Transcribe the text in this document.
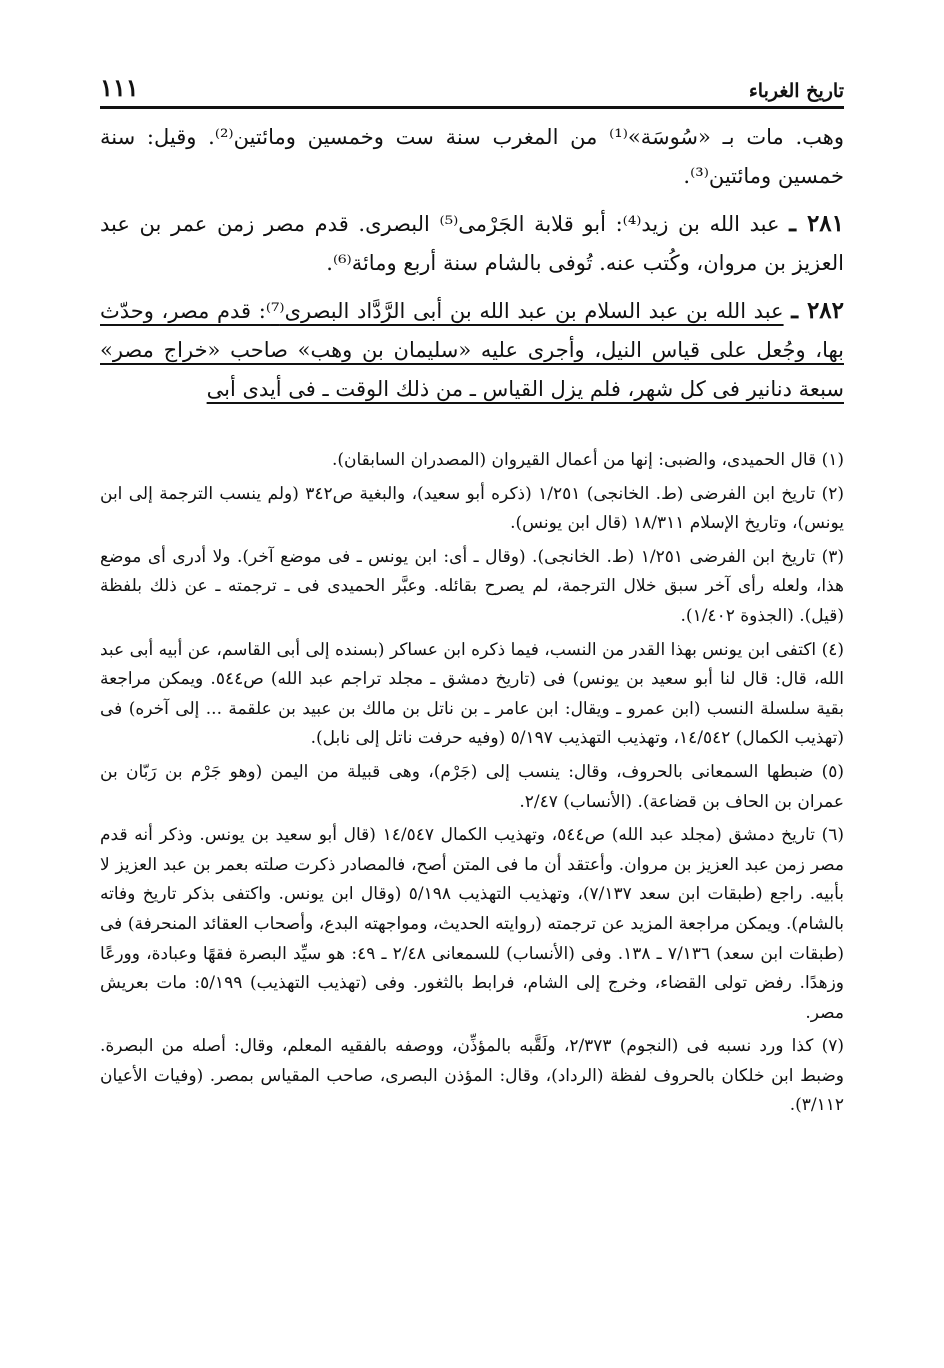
تاريخ الغرباء
١١١

وهب. مات بـ «سُوسَة»⁽¹⁾ من المغرب سنة ست وخمسين ومائتين⁽²⁾. وقيل: سنة خمسين ومائتين⁽³⁾.

٢٨١ ـ عبد الله بن زيد⁽⁴⁾: أبو قلابة الجَرْمى⁽⁵⁾ البصرى. قدم مصر زمن عمر بن عبد العزيز بن مروان، وكُتب عنه. تُوفى بالشام سنة أربع ومائة⁽⁶⁾.

٢٨٢ ـ عبد الله بن عبد السلام بن عبد الله بن أبى الرَّدَّاد البصرى⁽⁷⁾: قدم مصر، وحدّث بها، وجُعل على قياس النيل، وأجرى عليه «سليمان بن وهب» صاحب «خراج مصر» سبعة دنانير فى كل شهر، فلم يزل القياس ـ من ذلك الوقت ـ فى أيدى أبى

(١) قال الحميدى، والضبى: إنها من أعمال القيروان (المصدران السابقان).

(٢) تاريخ ابن الفرضى (ط. الخانجى) ١/٢٥١ (ذكره أبو سعيد)، والبغية ص٣٤٢ (ولم ينسب الترجمة إلى ابن يونس)، وتاريخ الإسلام ١٨/٣١١ (قال ابن يونس).

(٣) تاريخ ابن الفرضى ١/٢٥١ (ط. الخانجى). (وقال ـ أى: ابن يونس ـ فى موضع آخر). ولا أدرى أى موضع هذا، ولعله رأى آخر سبق خلال الترجمة، لم يصرح بقائله. وعبَّر الحميدى فى ـ ترجمته ـ عن ذلك بلفظة (قيل). (الجذوة ١/٤٠٢).

(٤) اكتفى ابن يونس بهذا القدر من النسب، فيما ذكره ابن عساكر (بسنده إلى أبى القاسم، عن أبيه أبى عبد الله، قال: قال لنا أبو سعيد بن يونس) فى (تاريخ دمشق ـ مجلد تراجم عبد الله) ص٥٤٤. ويمكن مراجعة بقية سلسلة النسب (ابن عمرو ـ ويقال: ابن عامر ـ بن ناتل بن مالك بن عبيد بن علقمة ... إلى آخره) فى (تهذيب الكمال) ١٤/٥٤٢، وتهذيب التهذيب ٥/١٩٧ (وفيه حرفت ناتل إلى نابل).

(٥) ضبطها السمعانى بالحروف، وقال: ينسب إلى (جَرْم)، وهى قبيلة من اليمن (وهو جَرْم بن رَبّان بن عمران بن الحاف بن قضاعة). (الأنساب) ٢/٤٧.

(٦) تاريخ دمشق (مجلد عبد الله) ص٥٤٤، وتهذيب الكمال ١٤/٥٤٧ (قال أبو سعيد بن يونس. وذكر أنه قدم مصر زمن عبد العزيز بن مروان. وأعتقد أن ما فى المتن أصح، فالمصادر ذكرت صلته بعمر بن عبد العزيز لا بأبيه. راجع (طبقات ابن سعد ٧/١٣٧)، وتهذيب التهذيب ٥/١٩٨ (وقال ابن يونس. واكتفى بذكر تاريخ وفاته بالشام). ويمكن مراجعة المزيد عن ترجمته (روايته الحديث، ومواجهته البدع، وأصحاب العقائد المنحرفة) فى (طبقات ابن سعد) ٧/١٣٦ ـ ١٣٨. وفى (الأنساب) للسمعانى ٢/٤٨ ـ ٤٩: هو سيِّد البصرة فقهًا وعبادة، وورعًا وزهدًا. رفض تولى القضاء، وخرج إلى الشام، فرابط بالثغور. وفى (تهذيب التهذيب) ٥/١٩٩: مات بعريش مصر.

(٧) كذا ورد نسبه فى (النجوم) ٢/٣٧٣، ولَقَّبه بالمؤذِّن، ووصفه بالفقيه المعلم، وقال: أصله من البصرة. وضبط ابن خلكان بالحروف لفظة (الرداد)، وقال: المؤذن البصرى، صاحب المقياس بمصر. (وفيات الأعيان ٣/١١٢).
